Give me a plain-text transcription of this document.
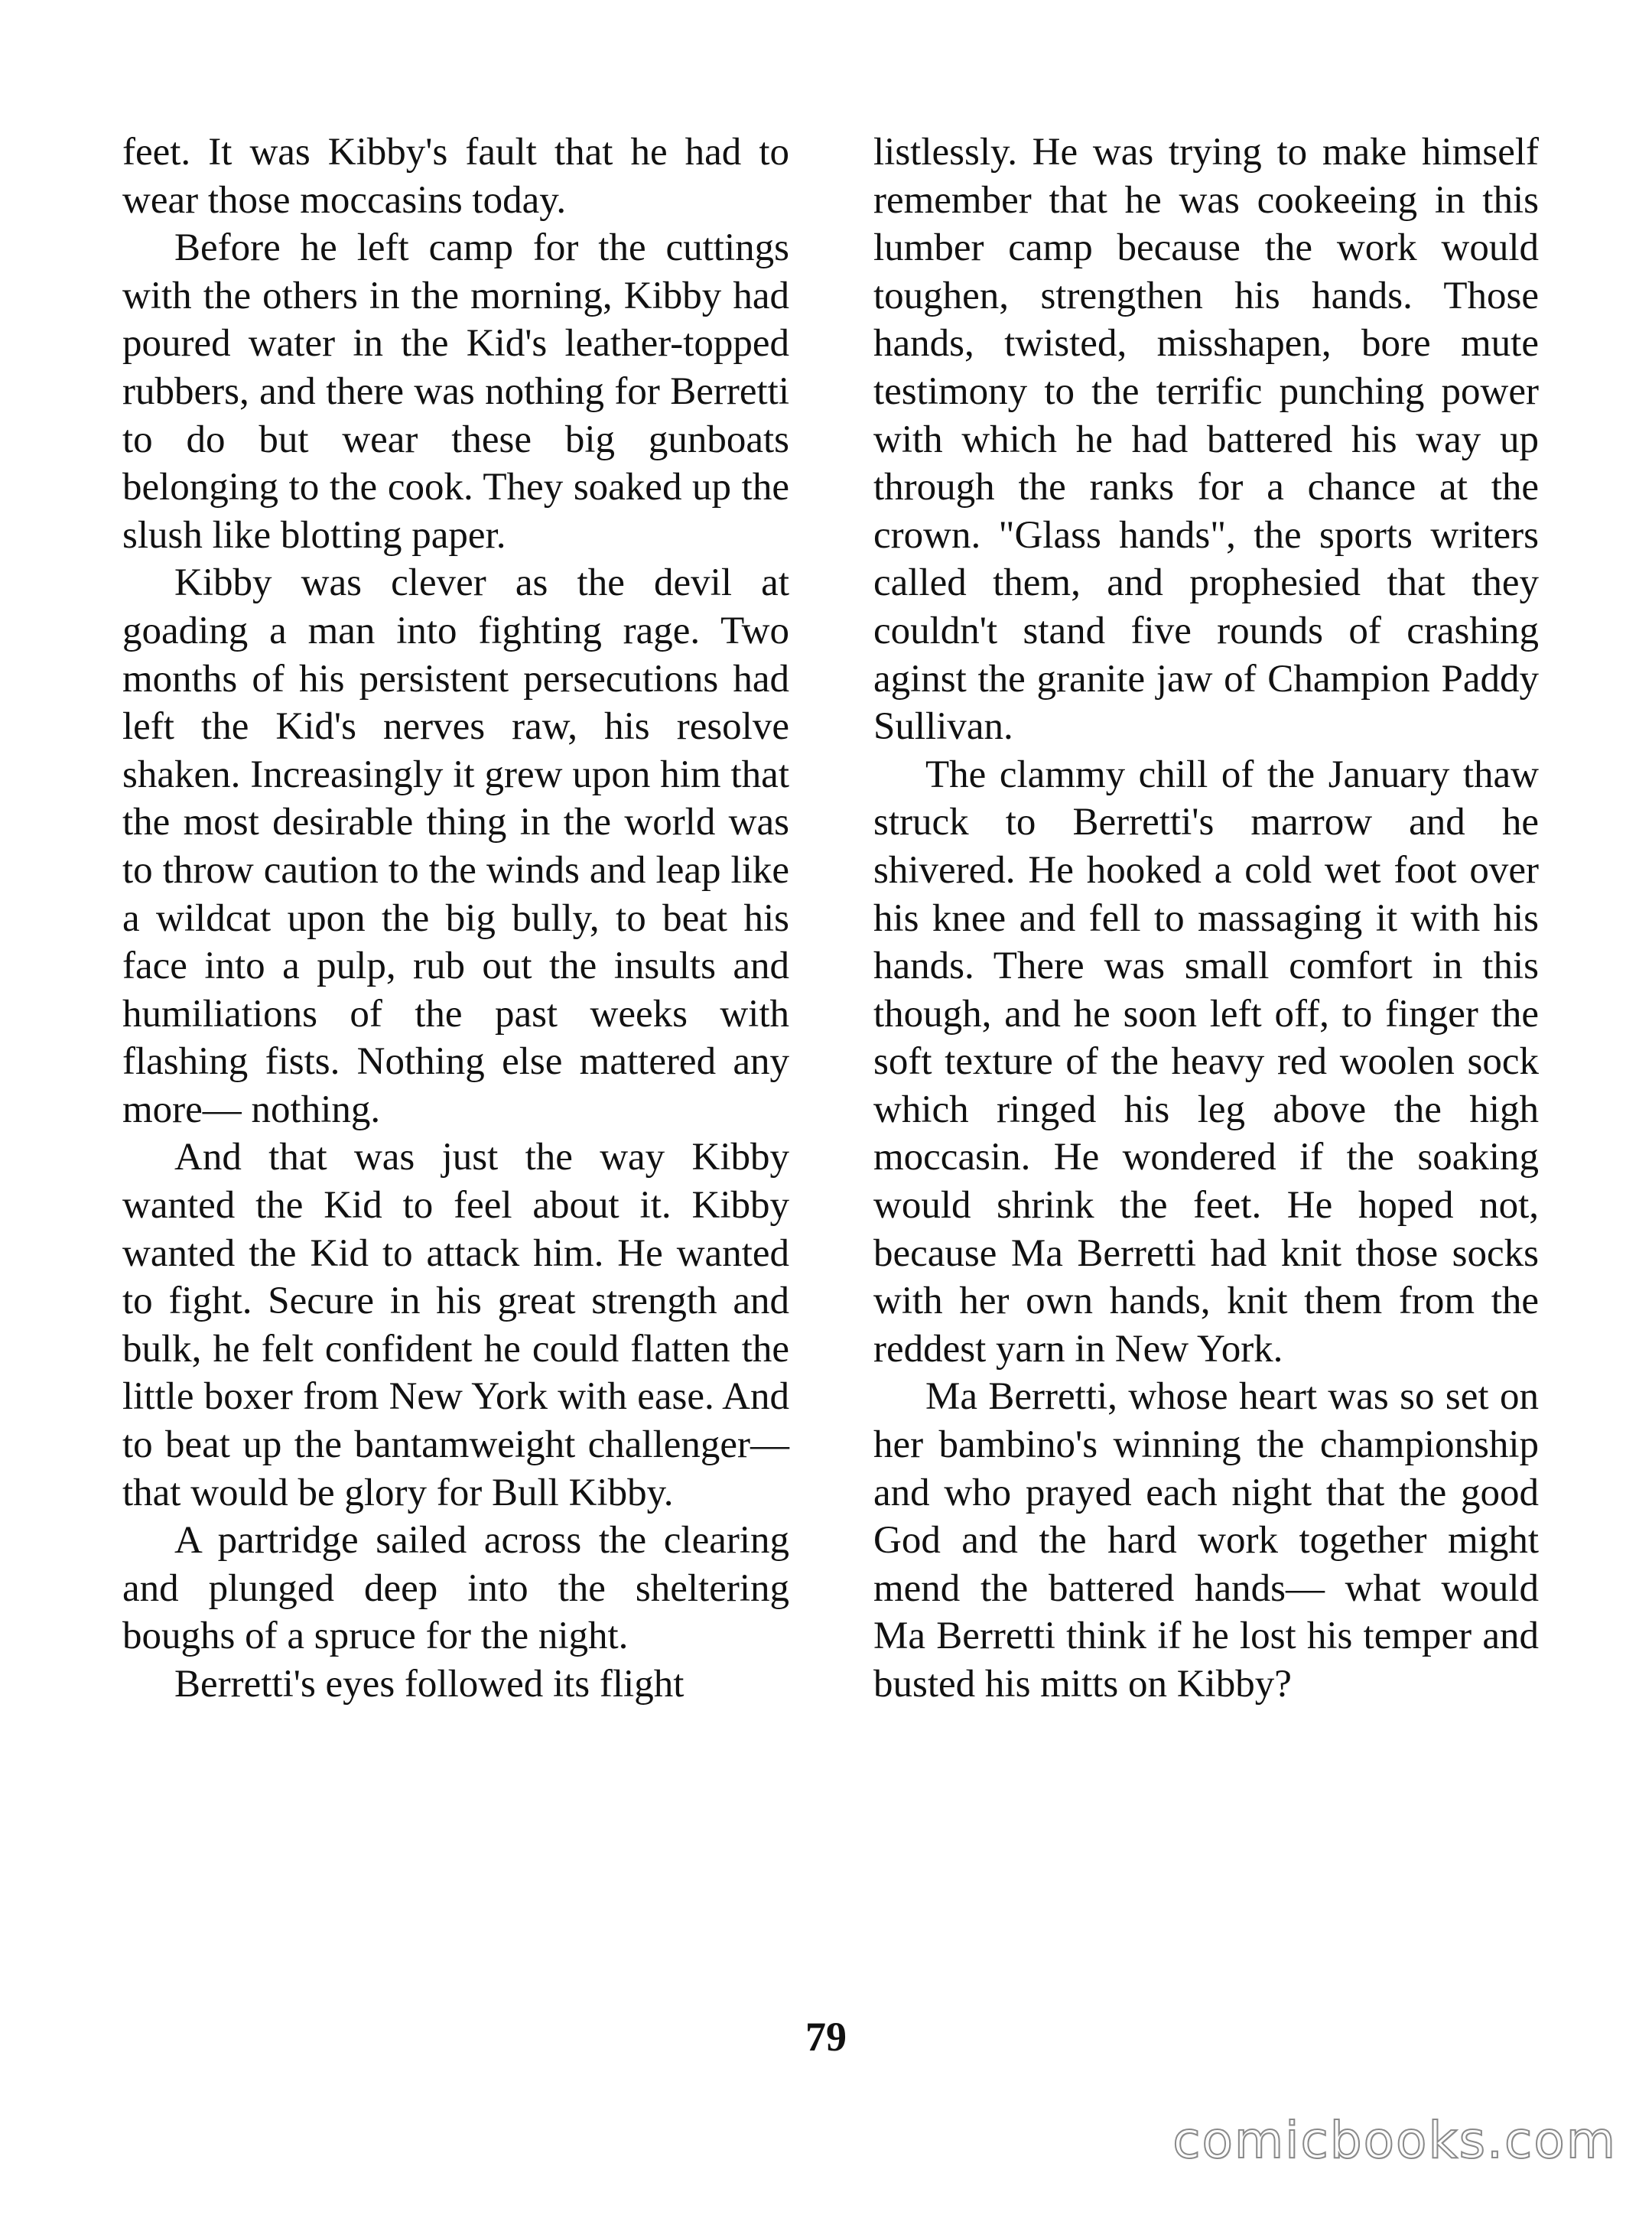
feet. It was Kibby's fault that he had to wear those moccasins today.

Before he left camp for the cuttings with the others in the morning, Kibby had poured water in the Kid's leather-topped rubbers, and there was nothing for Berretti to do but wear these big gunboats belonging to the cook. They soaked up the slush like blotting paper.

Kibby was clever as the devil at goading a man into fighting rage. Two months of his persistent persecutions had left the Kid's nerves raw, his resolve shaken. Increasingly it grew upon him that the most desirable thing in the world was to throw caution to the winds and leap like a wildcat upon the big bully, to beat his face into a pulp, rub out the insults and humiliations of the past weeks with flashing fists. Nothing else mattered any more— nothing.

And that was just the way Kibby wanted the Kid to feel about it. Kibby wanted the Kid to attack him. He wanted to fight. Secure in his great strength and bulk, he felt confident he could flatten the little boxer from New York with ease. And to beat up the bantamweight challenger— that would be glory for Bull Kibby.

A partridge sailed across the clearing and plunged deep into the sheltering boughs of a spruce for the night.

Berretti's eyes followed its flight

listlessly. He was trying to make himself remember that he was cookeeing in this lumber camp because the work would toughen, strengthen his hands. Those hands, twisted, misshapen, bore mute testimony to the terrific punching power with which he had battered his way up through the ranks for a chance at the crown. "Glass hands", the sports writers called them, and prophesied that they couldn't stand five rounds of crashing aginst the granite jaw of Champion Paddy Sullivan.

The clammy chill of the January thaw struck to Berretti's marrow and he shivered. He hooked a cold wet foot over his knee and fell to massaging it with his hands. There was small comfort in this though, and he soon left off, to finger the soft texture of the heavy red woolen sock which ringed his leg above the high moccasin. He wondered if the soaking would shrink the feet. He hoped not, because Ma Berretti had knit those socks with her own hands, knit them from the reddest yarn in New York.

Ma Berretti, whose heart was so set on her bambino's winning the championship and who prayed each night that the good God and the hard work together might mend the battered hands— what would Ma Berretti think if he lost his temper and busted his mitts on Kibby?

79
comicbooks.com
